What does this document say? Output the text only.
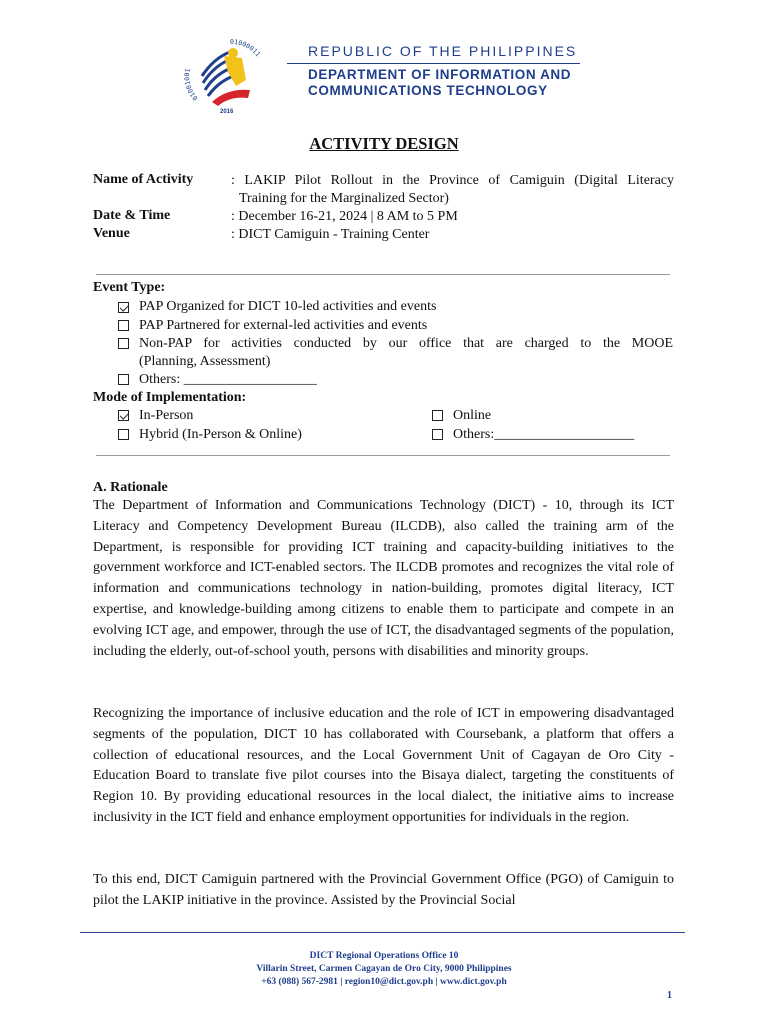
01001 1
01000011
2016
REPUBLIC OF THE PHILIPPINES
DEPARTMENT OF INFORMATION AND
COMMUNICATIONS TECHNOLOGY
ACTIVITY DESIGN
Name of Activity	: LAKIP Pilot Rollout in the Province of Camiguin (Digital Literacy
Training for the Marginalized Sector)
Date & Time	: December 16-21, 2024 | 8 AM to 5 PM
Venue	: DICT Camiguin - Training Center
Event Type:
PAP Organized for DICT 10-led activities and events
PAP Partnered for external-led activities and events
Non-PAP for activities conducted by our office that are charged to the MOOE
(Planning, Assessment)
Others: ___________________
Mode of Implementation:
In-Person	Online
Hybrid (In-Person & Online)	Others:____________________
A. Rationale
The Department of Information and Communications Technology (DICT) - 10, through its ICT Literacy and Competency Development Bureau (ILCDB), also called the training arm of the Department, is responsible for providing ICT training and capacity-building initiatives to the government workforce and ICT-enabled sectors. The ILCDB promotes and recognizes the vital role of information and communications technology in nation-building, promotes digital literacy, ICT expertise, and knowledge-building among citizens to enable them to participate and compete in an evolving ICT age, and empower, through the use of ICT, the disadvantaged segments of the population, including the elderly, out-of-school youth, persons with disabilities and minority groups.
Recognizing the importance of inclusive education and the role of ICT in empowering disadvantaged segments of the population, DICT 10 has collaborated with Coursebank, a platform that offers a collection of educational resources, and the Local Government Unit of Cagayan de Oro City - Education Board to translate five pilot courses into the Bisaya dialect, targeting the constituents of Region 10. By providing educational resources in the local dialect, the initiative aims to increase inclusivity in the ICT field and enhance employment opportunities for individuals in the region.
To this end, DICT Camiguin partnered with the Provincial Government Office (PGO) of Camiguin to pilot the LAKIP initiative in the province. Assisted by the Provincial Social
DICT Regional Operations Office 10
Villarin Street, Carmen Cagayan de Oro City, 9000 Philippines
+63 (088) 567-2981 | region10@dict.gov.ph | www.dict.gov.ph
1
